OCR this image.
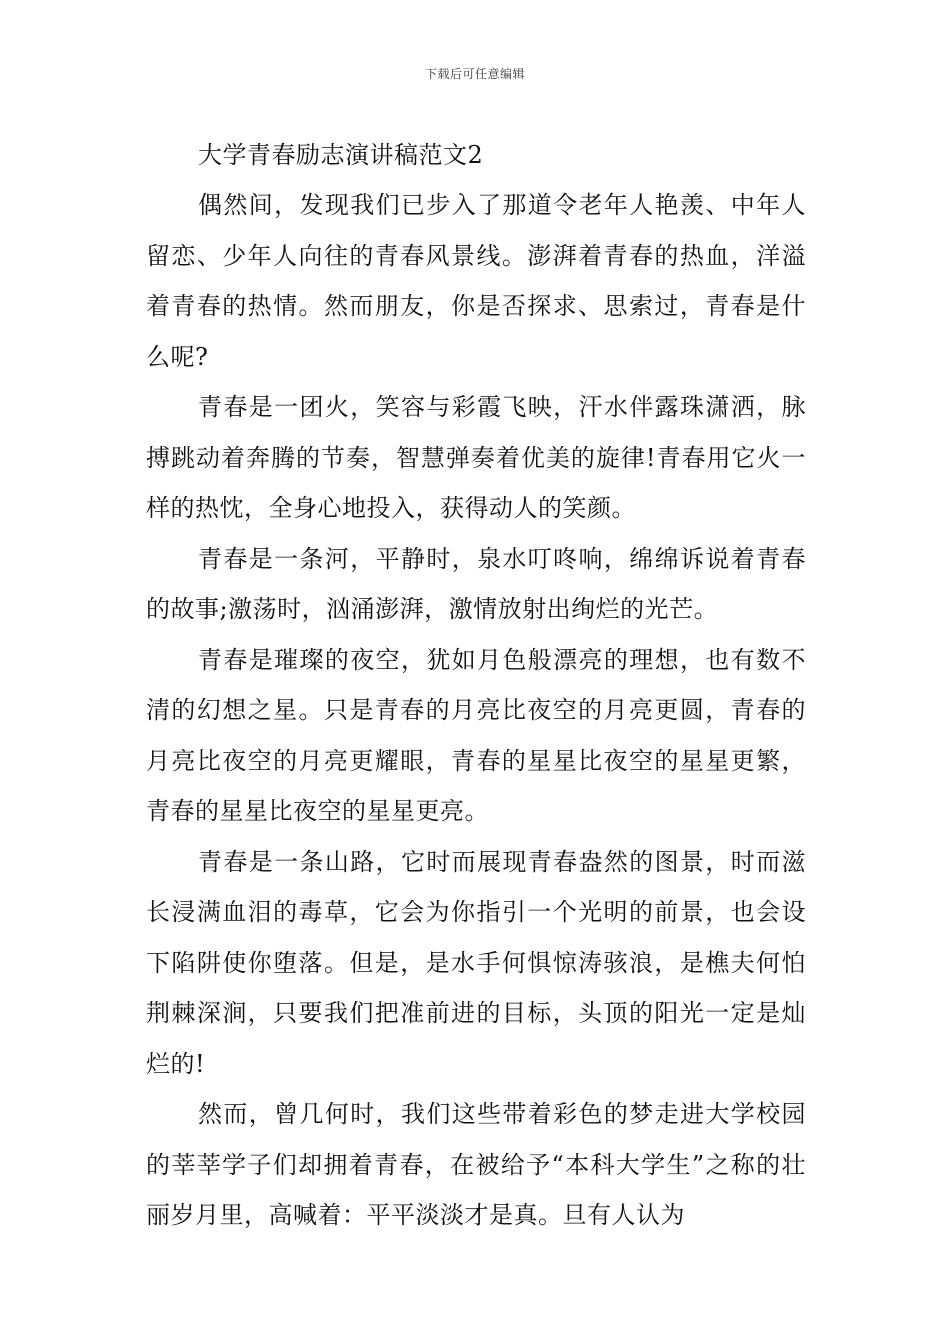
下载后可任意编辑
大学青春励志演讲稿范文2

偶然间，发现我们已步入了那道令老年人艳羡、中年人留恋、少年人向往的青春风景线。澎湃着青春的热血，洋溢着青春的热情。然而朋友，你是否探求、思索过，青春是什么呢?

青春是一团火，笑容与彩霞飞映，汗水伴露珠潇洒，脉搏跳动着奔腾的节奏，智慧弹奏着优美的旋律!青春用它火一样的热忱，全身心地投入，获得动人的笑颜。

青春是一条河，平静时，泉水叮咚响，绵绵诉说着青春的故事;激荡时，汹涌澎湃，激情放射出绚烂的光芒。

青春是璀璨的夜空，犹如月色般漂亮的理想，也有数不清的幻想之星。只是青春的月亮比夜空的月亮更圆，青春的月亮比夜空的月亮更耀眼，青春的星星比夜空的星星更繁，青春的星星比夜空的星星更亮。

青春是一条山路，它时而展现青春盎然的图景，时而滋长浸满血泪的毒草，它会为你指引一个光明的前景，也会设下陷阱使你堕落。但是，是水手何惧惊涛骇浪，是樵夫何怕荆棘深涧，只要我们把准前进的目标，头顶的阳光一定是灿烂的!

然而，曾几何时，我们这些带着彩色的梦走进大学校园的莘莘学子们却拥着青春，在被给予“本科大学生”之称的壮丽岁月里，高喊着：平平淡淡才是真。旦有人认为
